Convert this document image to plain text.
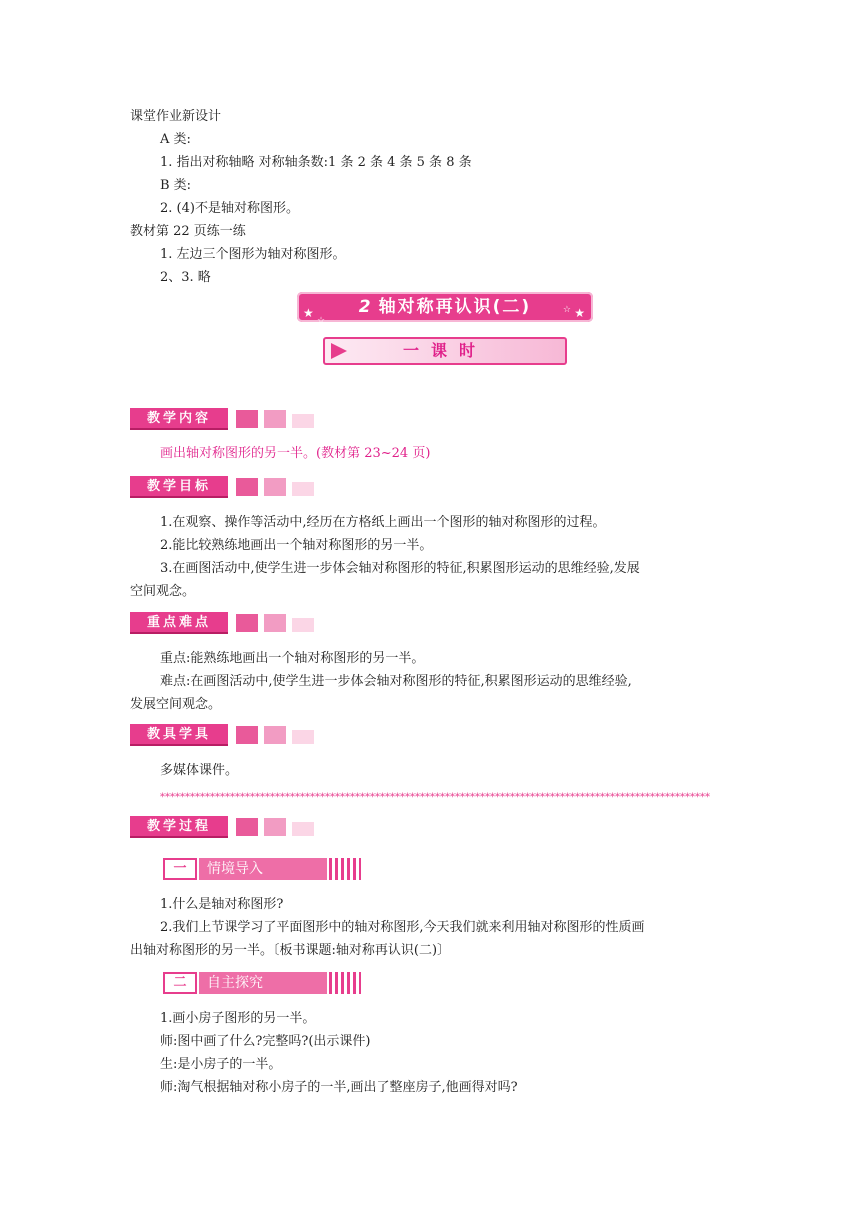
课堂作业新设计
A 类:
1. 指出对称轴略 对称轴条数:1 条 2 条 4 条 5 条 8 条
B 类:
2. (4)不是轴对称图形。
教材第 22 页练一练
1. 左边三个图形为轴对称图形。
2、3. 略
★
☆
2 轴对称再认识(二)	☆ ★
一课时
教学内容
画出轴对称图形的另一半。(教材第 23~24 页)
教学目标
1.在观察、操作等活动中,经历在方格纸上画出一个图形的轴对称图形的过程。
2.能比较熟练地画出一个轴对称图形的另一半。
3.在画图活动中,使学生进一步体会轴对称图形的特征,积累图形运动的思维经验,发展
空间观念。
重点难点
重点:能熟练地画出一个轴对称图形的另一半。
难点:在画图活动中,使学生进一步体会轴对称图形的特征,积累图形运动的思维经验,
发展空间观念。
教具学具
多媒体课件。
**************************************************************************************************************
教学过程
一	情境导入
1.什么是轴对称图形?
2.我们上节课学习了平面图形中的轴对称图形,今天我们就来利用轴对称图形的性质画
出轴对称图形的另一半。〔板书课题:轴对称再认识(二)〕
二	自主探究
1.画小房子图形的另一半。
师:图中画了什么?完整吗?(出示课件)
生:是小房子的一半。
师:淘气根据轴对称小房子的一半,画出了整座房子,他画得对吗?
